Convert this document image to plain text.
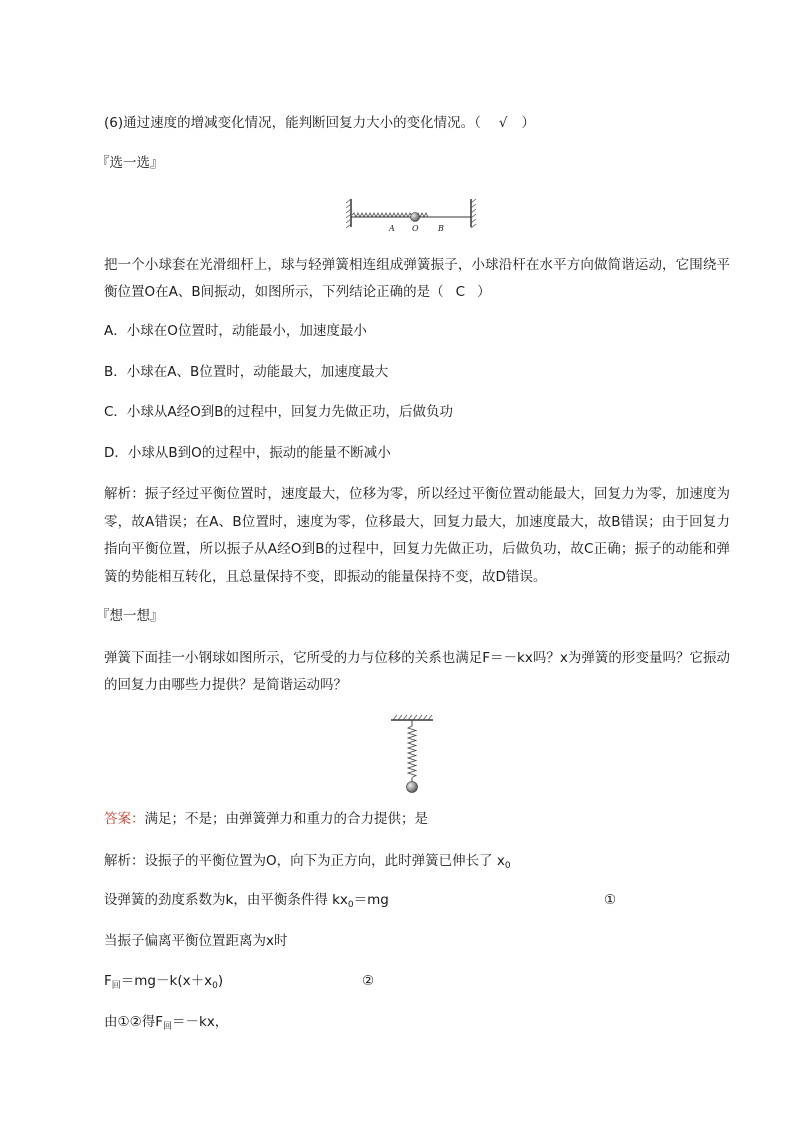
(6)通过速度的增减变化情况，能判断回复力大小的变化情况。（ √ ）
『选一选』
A O B
把一个小球套在光滑细杆上，球与轻弹簧相连组成弹簧振子，小球沿杆在水平方向做简谐运动，它围绕平衡位置O在A、B间振动，如图所示，下列结论正确的是（ C ）
A．小球在O位置时，动能最小，加速度最小
B．小球在A、B位置时，动能最大，加速度最大
C．小球从A经O到B的过程中，回复力先做正功，后做负功
D．小球从B到O的过程中，振动的能量不断减小
解析：振子经过平衡位置时，速度最大，位移为零，所以经过平衡位置动能最大，回复力为零，加速度为零，故A错误；在A、B位置时，速度为零，位移最大，回复力最大，加速度最大，故B错误；由于回复力指向平衡位置，所以振子从A经O到B的过程中，回复力先做正功，后做负功，故C正确；振子的动能和弹簧的势能相互转化，且总量保持不变，即振动的能量保持不变，故D错误。
『想一想』
弹簧下面挂一小钢球如图所示，它所受的力与位移的关系也满足F＝－kx吗？x为弹簧的形变量吗？它振动的回复力由哪些力提供？是简谐运动吗？
答案：满足；不是；由弹簧弹力和重力的合力提供；是
解析：设振子的平衡位置为O，向下为正方向，此时弹簧已伸长了 $x_0$
设弹簧的劲度系数为k，由平衡条件得 $kx_0=mg$	①
当振子偏离平衡位置距离为x时
$F_回=mg-k(x+x_0)$	②
由①②得$F_回=-kx$，
